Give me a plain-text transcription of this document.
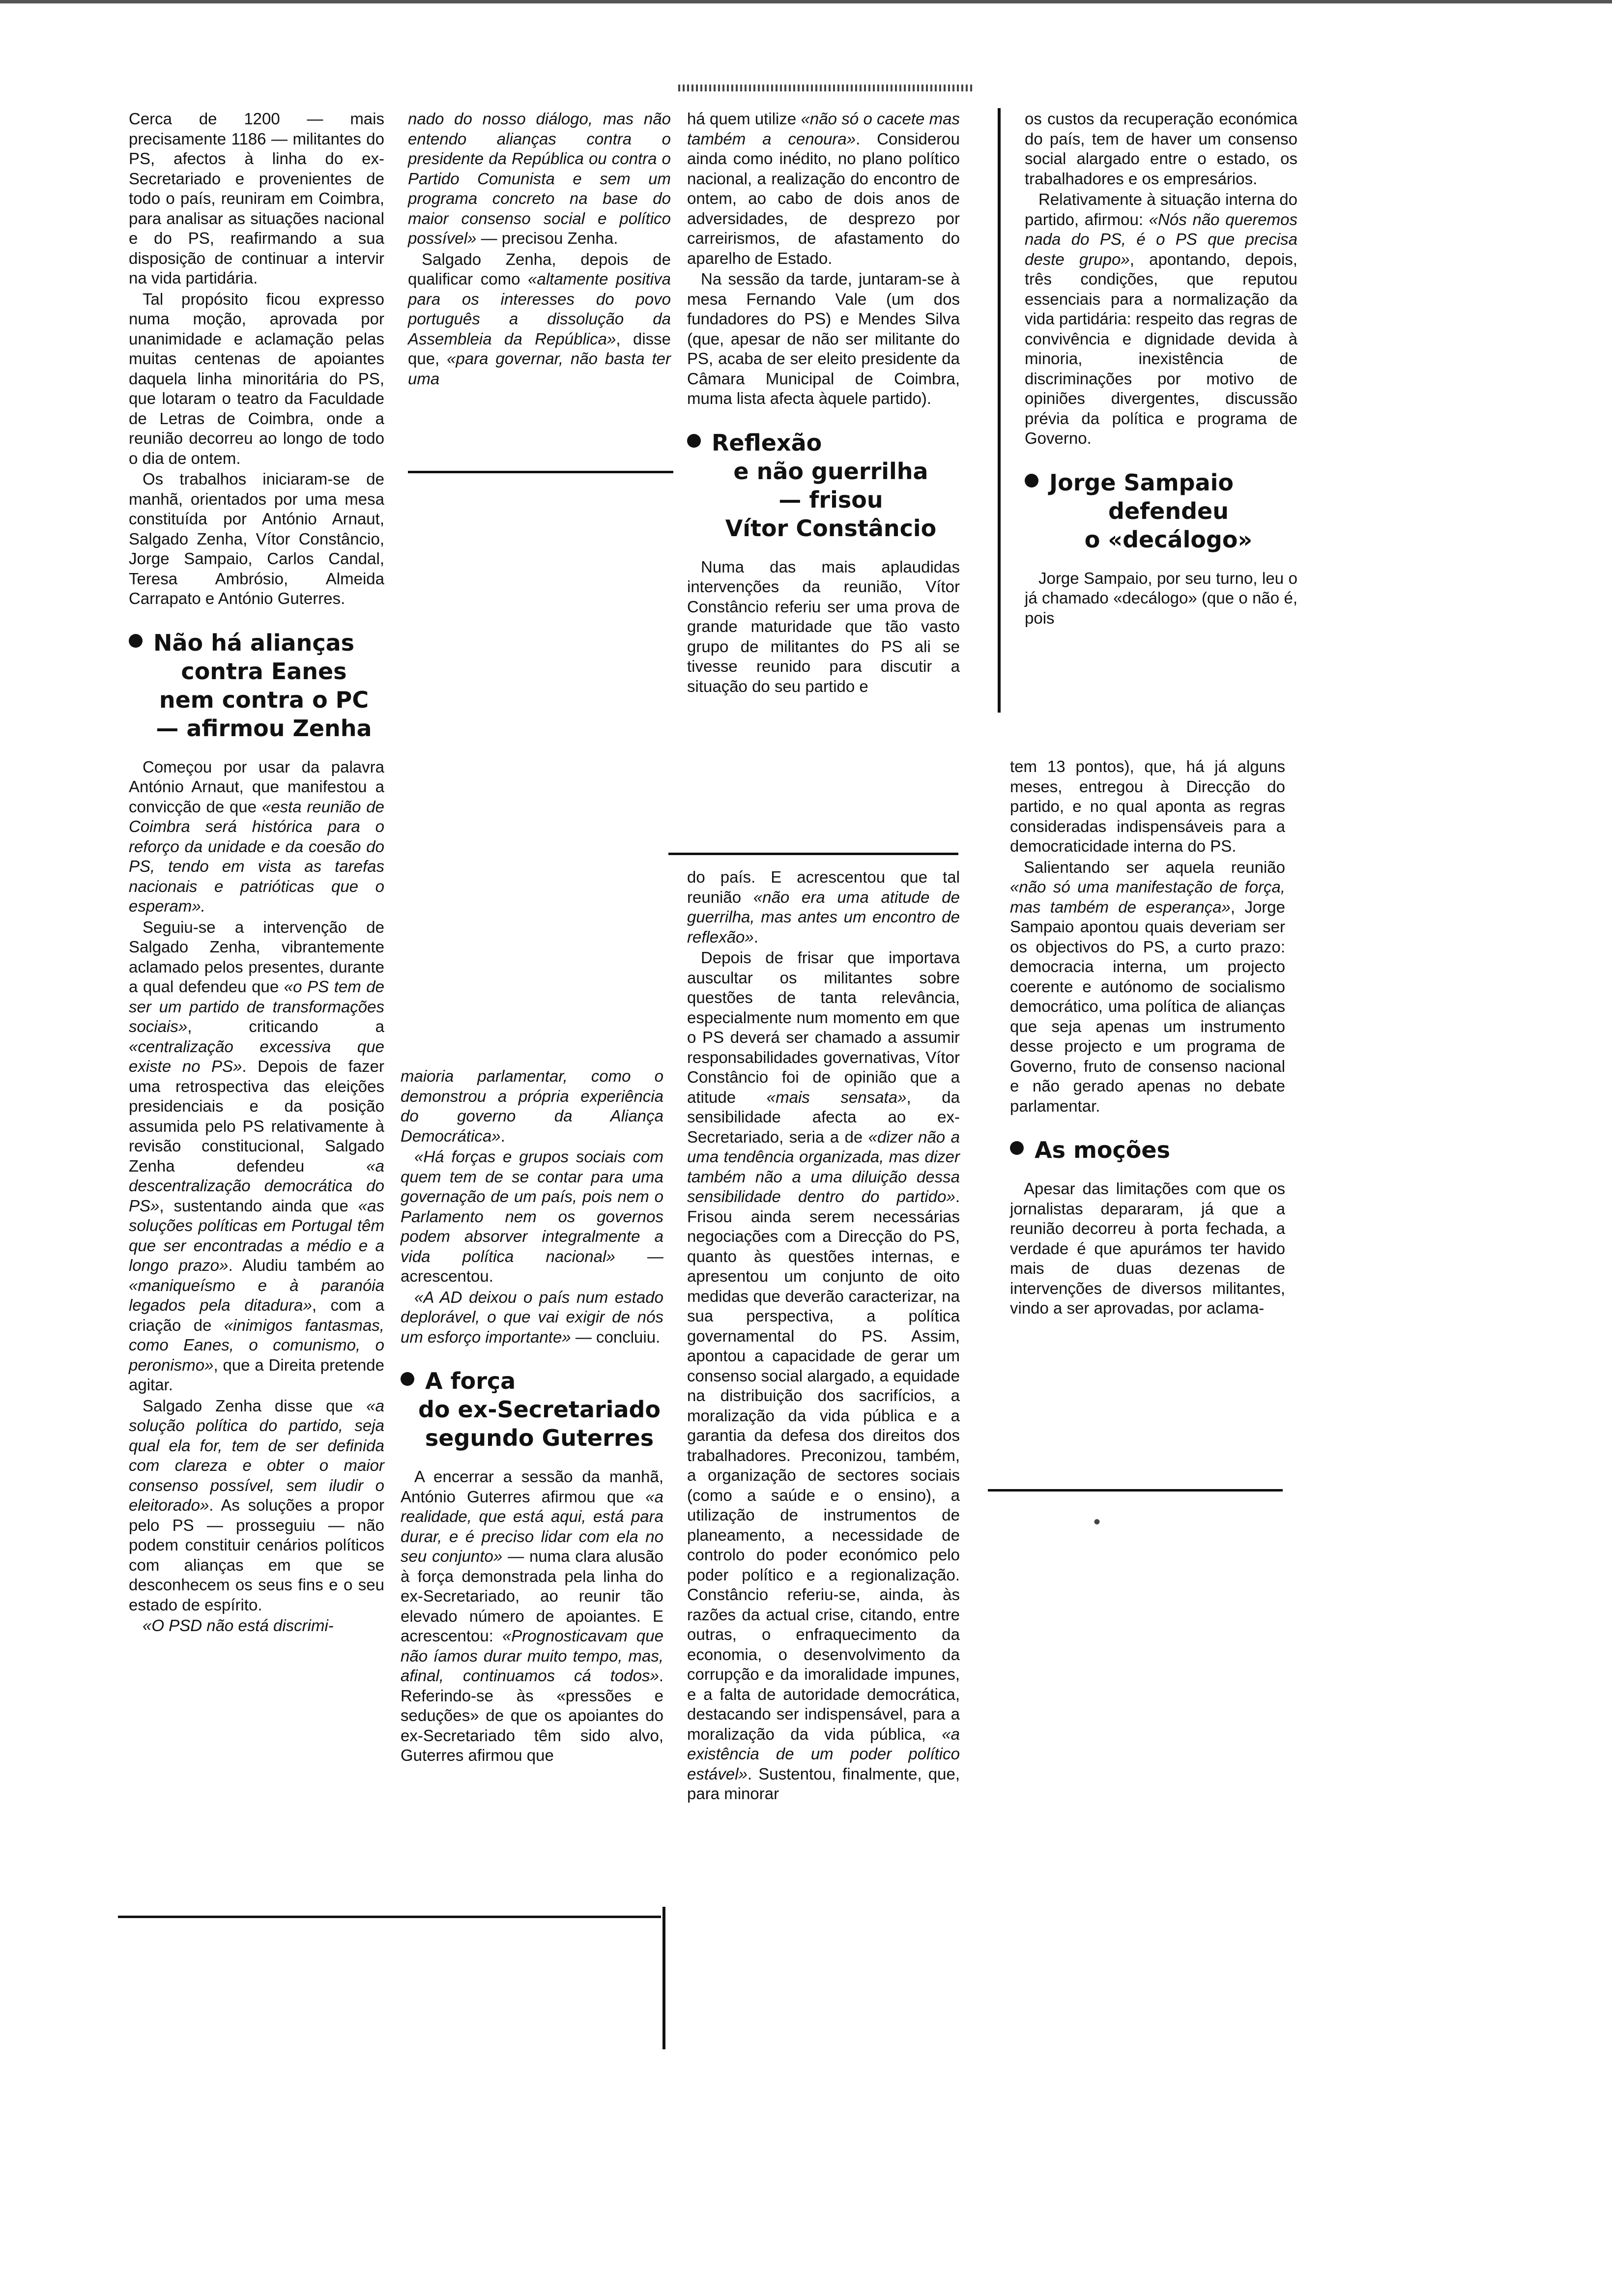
Cerca de 1200 — mais precisamente 1186 — militantes do PS, afectos à linha do ex-Secretariado e provenientes de todo o país, reuniram em Coimbra, para analisar as situações nacional e do PS, reafirmando a sua disposição de continuar a intervir na vida partidária.

Tal propósito ficou expresso numa moção, aprovada por unanimidade e aclamação pelas muitas centenas de apoiantes daquela linha minoritária do PS, que lotaram o teatro da Faculdade de Letras de Coimbra, onde a reunião decorreu ao longo de todo o dia de ontem.

Os trabalhos iniciaram-se de manhã, orientados por uma mesa constituída por António Arnaut, Salgado Zenha, Vítor Constâncio, Jorge Sampaio, Carlos Candal, Teresa Ambrósio, Almeida Carrapato e António Guterres.

Não há alianças
contra Eanes
nem contra o PC
— afirmou Zenha

Começou por usar da palavra António Arnaut, que manifestou a convicção de que «esta reunião de Coimbra será histórica para o reforço da unidade e da coesão do PS, tendo em vista as tarefas nacionais e patrióticas que o esperam».

Seguiu-se a intervenção de Salgado Zenha, vibrantemente aclamado pelos presentes, durante a qual defendeu que «o PS tem de ser um partido de transformações sociais», criticando a «centralização excessiva que existe no PS». Depois de fazer uma retrospectiva das eleições presidenciais e da posição assumida pelo PS relativamente à revisão constitucional, Salgado Zenha defendeu «a descentralização democrática do PS», sustentando ainda que «as soluções políticas em Portugal têm que ser encontradas a médio e a longo prazo». Aludiu também ao «maniqueísmo e à paranóia legados pela ditadura», com a criação de «inimigos fantasmas, como Eanes, o comunismo, o peronismo», que a Direita pretende agitar.

Salgado Zenha disse que «a solução política do partido, seja qual ela for, tem de ser definida com clareza e obter o maior consenso possível, sem iludir o eleitorado». As soluções a propor pelo PS — prosseguiu — não podem constituir cenários políticos com alianças em que se desconhecem os seus fins e o seu estado de espírito.

«O PSD não está discrimi-

nado do nosso diálogo, mas não entendo alianças contra o presidente da República ou contra o Partido Comunista e sem um programa concreto na base do maior consenso social e político possível» — precisou Zenha.

Salgado Zenha, depois de qualificar como «altamente positiva para os interesses do povo português a dissolução da Assembleia da República», disse que, «para governar, não basta ter uma

maioria parlamentar, como o demonstrou a própria experiência do governo da Aliança Democrática».

«Há forças e grupos sociais com quem tem de se contar para uma governação de um país, pois nem o Parlamento nem os governos podem absorver integralmente a vida política nacional» — acrescentou.

«A AD deixou o país num estado deplorável, o que vai exigir de nós um esforço importante» — concluiu.

A força
do ex-Secretariado
segundo Guterres

A encerrar a sessão da manhã, António Guterres afirmou que «a realidade, que está aqui, está para durar, e é preciso lidar com ela no seu conjunto» — numa clara alusão à força demonstrada pela linha do ex-Secretariado, ao reunir tão elevado número de apoiantes. E acrescentou: «Prognosticavam que não íamos durar muito tempo, mas, afinal, continuamos cá todos». Referindo-se às «pressões e seduções» de que os apoiantes do ex-Secretariado têm sido alvo, Guterres afirmou que

há quem utilize «não só o cacete mas também a cenoura». Considerou ainda como inédito, no plano político nacional, a realização do encontro de ontem, ao cabo de dois anos de adversidades, de desprezo por carreirismos, de afastamento do aparelho de Estado.

Na sessão da tarde, juntaram-se à mesa Fernando Vale (um dos fundadores do PS) e Mendes Silva (que, apesar de não ser militante do PS, acaba de ser eleito presidente da Câmara Municipal de Coimbra, muma lista afecta àquele partido).

Reflexão
e não guerrilha
— frisou
Vítor Constâncio

Numa das mais aplaudidas intervenções da reunião, Vítor Constâncio referiu ser uma prova de grande maturidade que tão vasto grupo de militantes do PS ali se tivesse reunido para discutir a situação do seu partido e

do país. E acrescentou que tal reunião «não era uma atitude de guerrilha, mas antes um encontro de reflexão».

Depois de frisar que importava auscultar os militantes sobre questões de tanta relevância, especialmente num momento em que o PS deverá ser chamado a assumir responsabilidades governativas, Vítor Constâncio foi de opinião que a atitude «mais sensata», da sensibilidade afecta ao ex-Secretariado, seria a de «dizer não a uma tendência organizada, mas dizer também não a uma diluição dessa sensibilidade dentro do partido». Frisou ainda serem necessárias negociações com a Direcção do PS, quanto às questões internas, e apresentou um conjunto de oito medidas que deverão caracterizar, na sua perspectiva, a política governamental do PS. Assim, apontou a capacidade de gerar um consenso social alargado, a equidade na distribuição dos sacrifícios, a moralização da vida pública e a garantia da defesa dos direitos dos trabalhadores. Preconizou, também, a organização de sectores sociais (como a saúde e o ensino), a utilização de instrumentos de planeamento, a necessidade de controlo do poder económico pelo poder político e a regionalização. Constâncio referiu-se, ainda, às razões da actual crise, citando, entre outras, o enfraquecimento da economia, o desenvolvimento da corrupção e da imoralidade impunes, e a falta de autoridade democrática, destacando ser indispensável, para a moralização da vida pública, «a existência de um poder político estável». Sustentou, finalmente, que, para minorar

os custos da recuperação económica do país, tem de haver um consenso social alargado entre o estado, os trabalhadores e os empresários.

Relativamente à situação interna do partido, afirmou: «Nós não queremos nada do PS, é o PS que precisa deste grupo», apontando, depois, três condições, que reputou essenciais para a normalização da vida partidária: respeito das regras de convivência e dignidade devida à minoria, inexistência de discriminações por motivo de opiniões divergentes, discussão prévia da política e programa de Governo.

Jorge Sampaio
defendeu
o «decálogo»

Jorge Sampaio, por seu turno, leu o já chamado «decálogo» (que o não é, pois

tem 13 pontos), que, há já alguns meses, entregou à Direcção do partido, e no qual aponta as regras consideradas indispensáveis para a democraticidade interna do PS.

Salientando ser aquela reunião «não só uma manifestação de força, mas também de esperança», Jorge Sampaio apontou quais deveriam ser os objectivos do PS, a curto prazo: democracia interna, um projecto coerente e autónomo de socialismo democrático, uma política de alianças que seja apenas um instrumento desse projecto e um programa de Governo, fruto de consenso nacional e não gerado apenas no debate parlamentar.

As moções

Apesar das limitações com que os jornalistas depararam, já que a reunião decorreu à porta fechada, a verdade é que apurámos ter havido mais de duas dezenas de intervenções de diversos militantes, vindo a ser aprovadas, por aclama-

•
